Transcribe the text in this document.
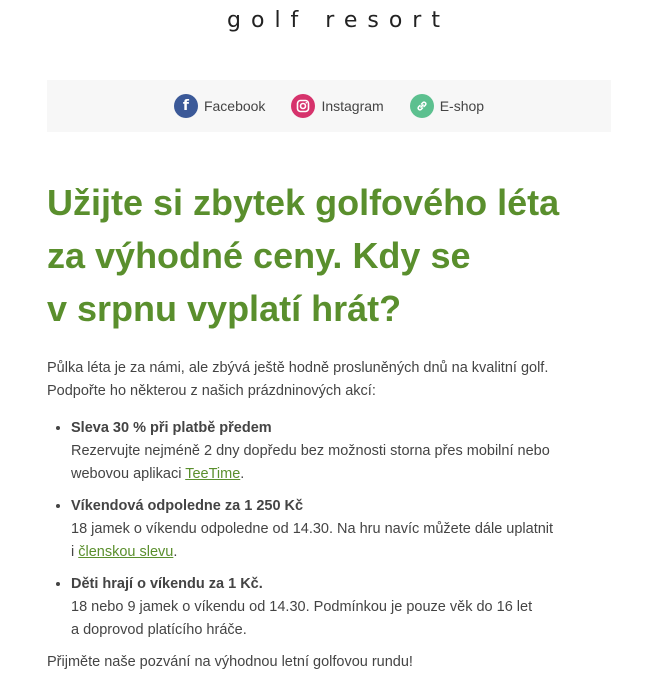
golf resort
f	Facebook	Instagram	E-shop
Užijte si zbytek golfového léta
za výhodné ceny. Kdy se
v srpnu vyplatí hrát?

Půlka léta je za námi, ale zbývá ještě hodně prosluněných dnů na kvalitní golf.
Podpořte ho některou z našich prázdninových akcí:

• Sleva 30 % při platbě předem
Rezervujte nejméně 2 dny dopředu bez možnosti storna přes mobilní nebo
webovou aplikaci TeeTime.
• Víkendová odpoledne za 1 250 Kč
18 jamek o víkendu odpoledne od 14.30. Na hru navíc můžete dále uplatnit
i členskou slevu.
• Děti hrají o víkendu za 1 Kč.
18 nebo 9 jamek o víkendu od 14.30. Podmínkou je pouze věk do 16 let
a doprovod platícího hráče.

Přijměte naše pozvání na výhodnou letní golfovou rundu!
